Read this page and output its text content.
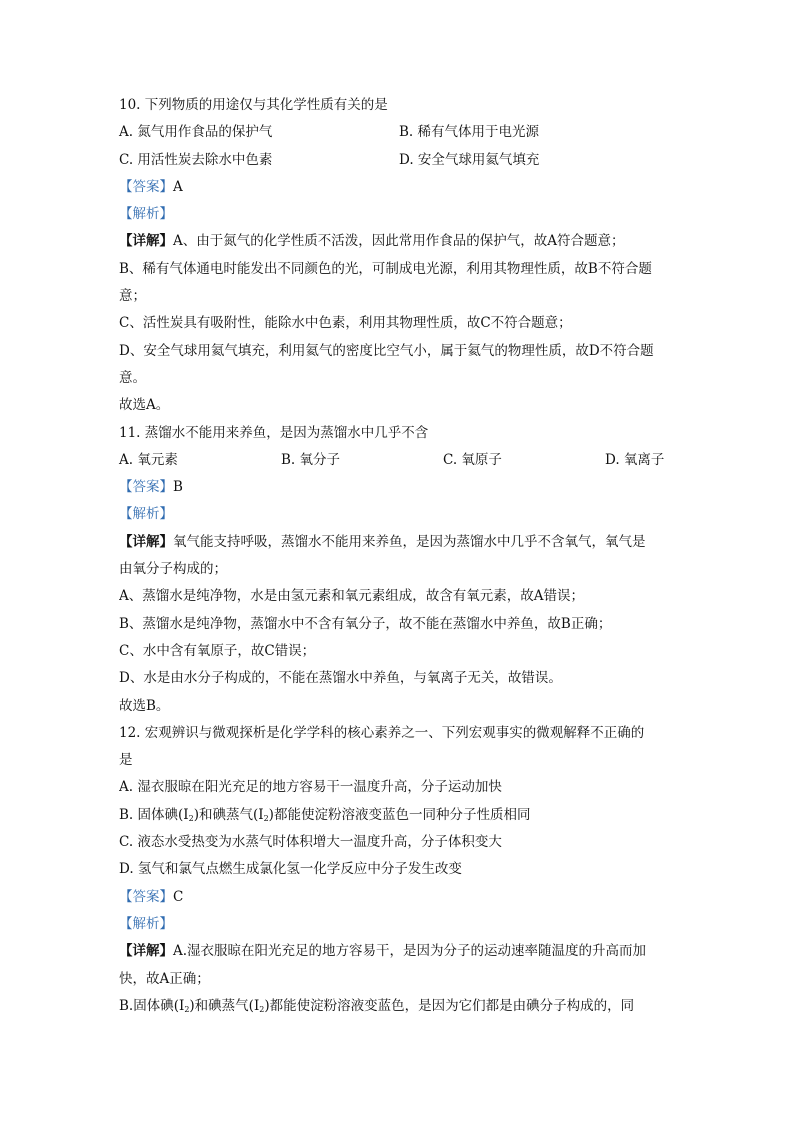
10. 下列物质的用途仅与其化学性质有关的是
A. 氮气用作食品的保护气	B. 稀有气体用于电光源
C. 用活性炭去除水中色素	D. 安全气球用氦气填充
【答案】A
【解析】
【详解】A、由于氮气的化学性质不活泼，因此常用作食品的保护气，故A符合题意；
B、稀有气体通电时能发出不同颜色的光，可制成电光源，利用其物理性质，故B不符合题
意；
C、活性炭具有吸附性，能除水中色素，利用其物理性质，故C不符合题意；
D、安全气球用氦气填充，利用氦气的密度比空气小，属于氦气的物理性质，故D不符合题
意。
故选A。
11. 蒸馏水不能用来养鱼，是因为蒸馏水中几乎不含
A. 氧元素	B. 氧分子	C. 氧原子	D. 氧离子
【答案】B
【解析】
【详解】氧气能支持呼吸，蒸馏水不能用来养鱼，是因为蒸馏水中几乎不含氧气，氧气是
由氧分子构成的；
A、蒸馏水是纯净物，水是由氢元素和氧元素组成，故含有氧元素，故A错误；
B、蒸馏水是纯净物，蒸馏水中不含有氧分子，故不能在蒸馏水中养鱼，故B正确；
C、水中含有氧原子，故C错误；
D、水是由水分子构成的，不能在蒸馏水中养鱼，与氧离子无关，故错误。
故选B。
12. 宏观辨识与微观探析是化学学科的核心素养之一、下列宏观事实的微观解释不正确的
是
A. 湿衣服晾在阳光充足的地方容易干一温度升高，分子运动加快
B. 固体碘$(I_2)$和碘蒸气$(I_2)$都能使淀粉溶液变蓝色一同种分子性质相同
C. 液态水受热变为水蒸气时体积增大一温度升高，分子体积变大
D. 氢气和氯气点燃生成氯化氢一化学反应中分子发生改变
【答案】C
【解析】
【详解】A.湿衣服晾在阳光充足的地方容易干，是因为分子的运动速率随温度的升高而加
快，故A正确；
B.固体碘$(I_2)$和碘蒸气$(I_2)$都能使淀粉溶液变蓝色，是因为它们都是由碘分子构成的，同
